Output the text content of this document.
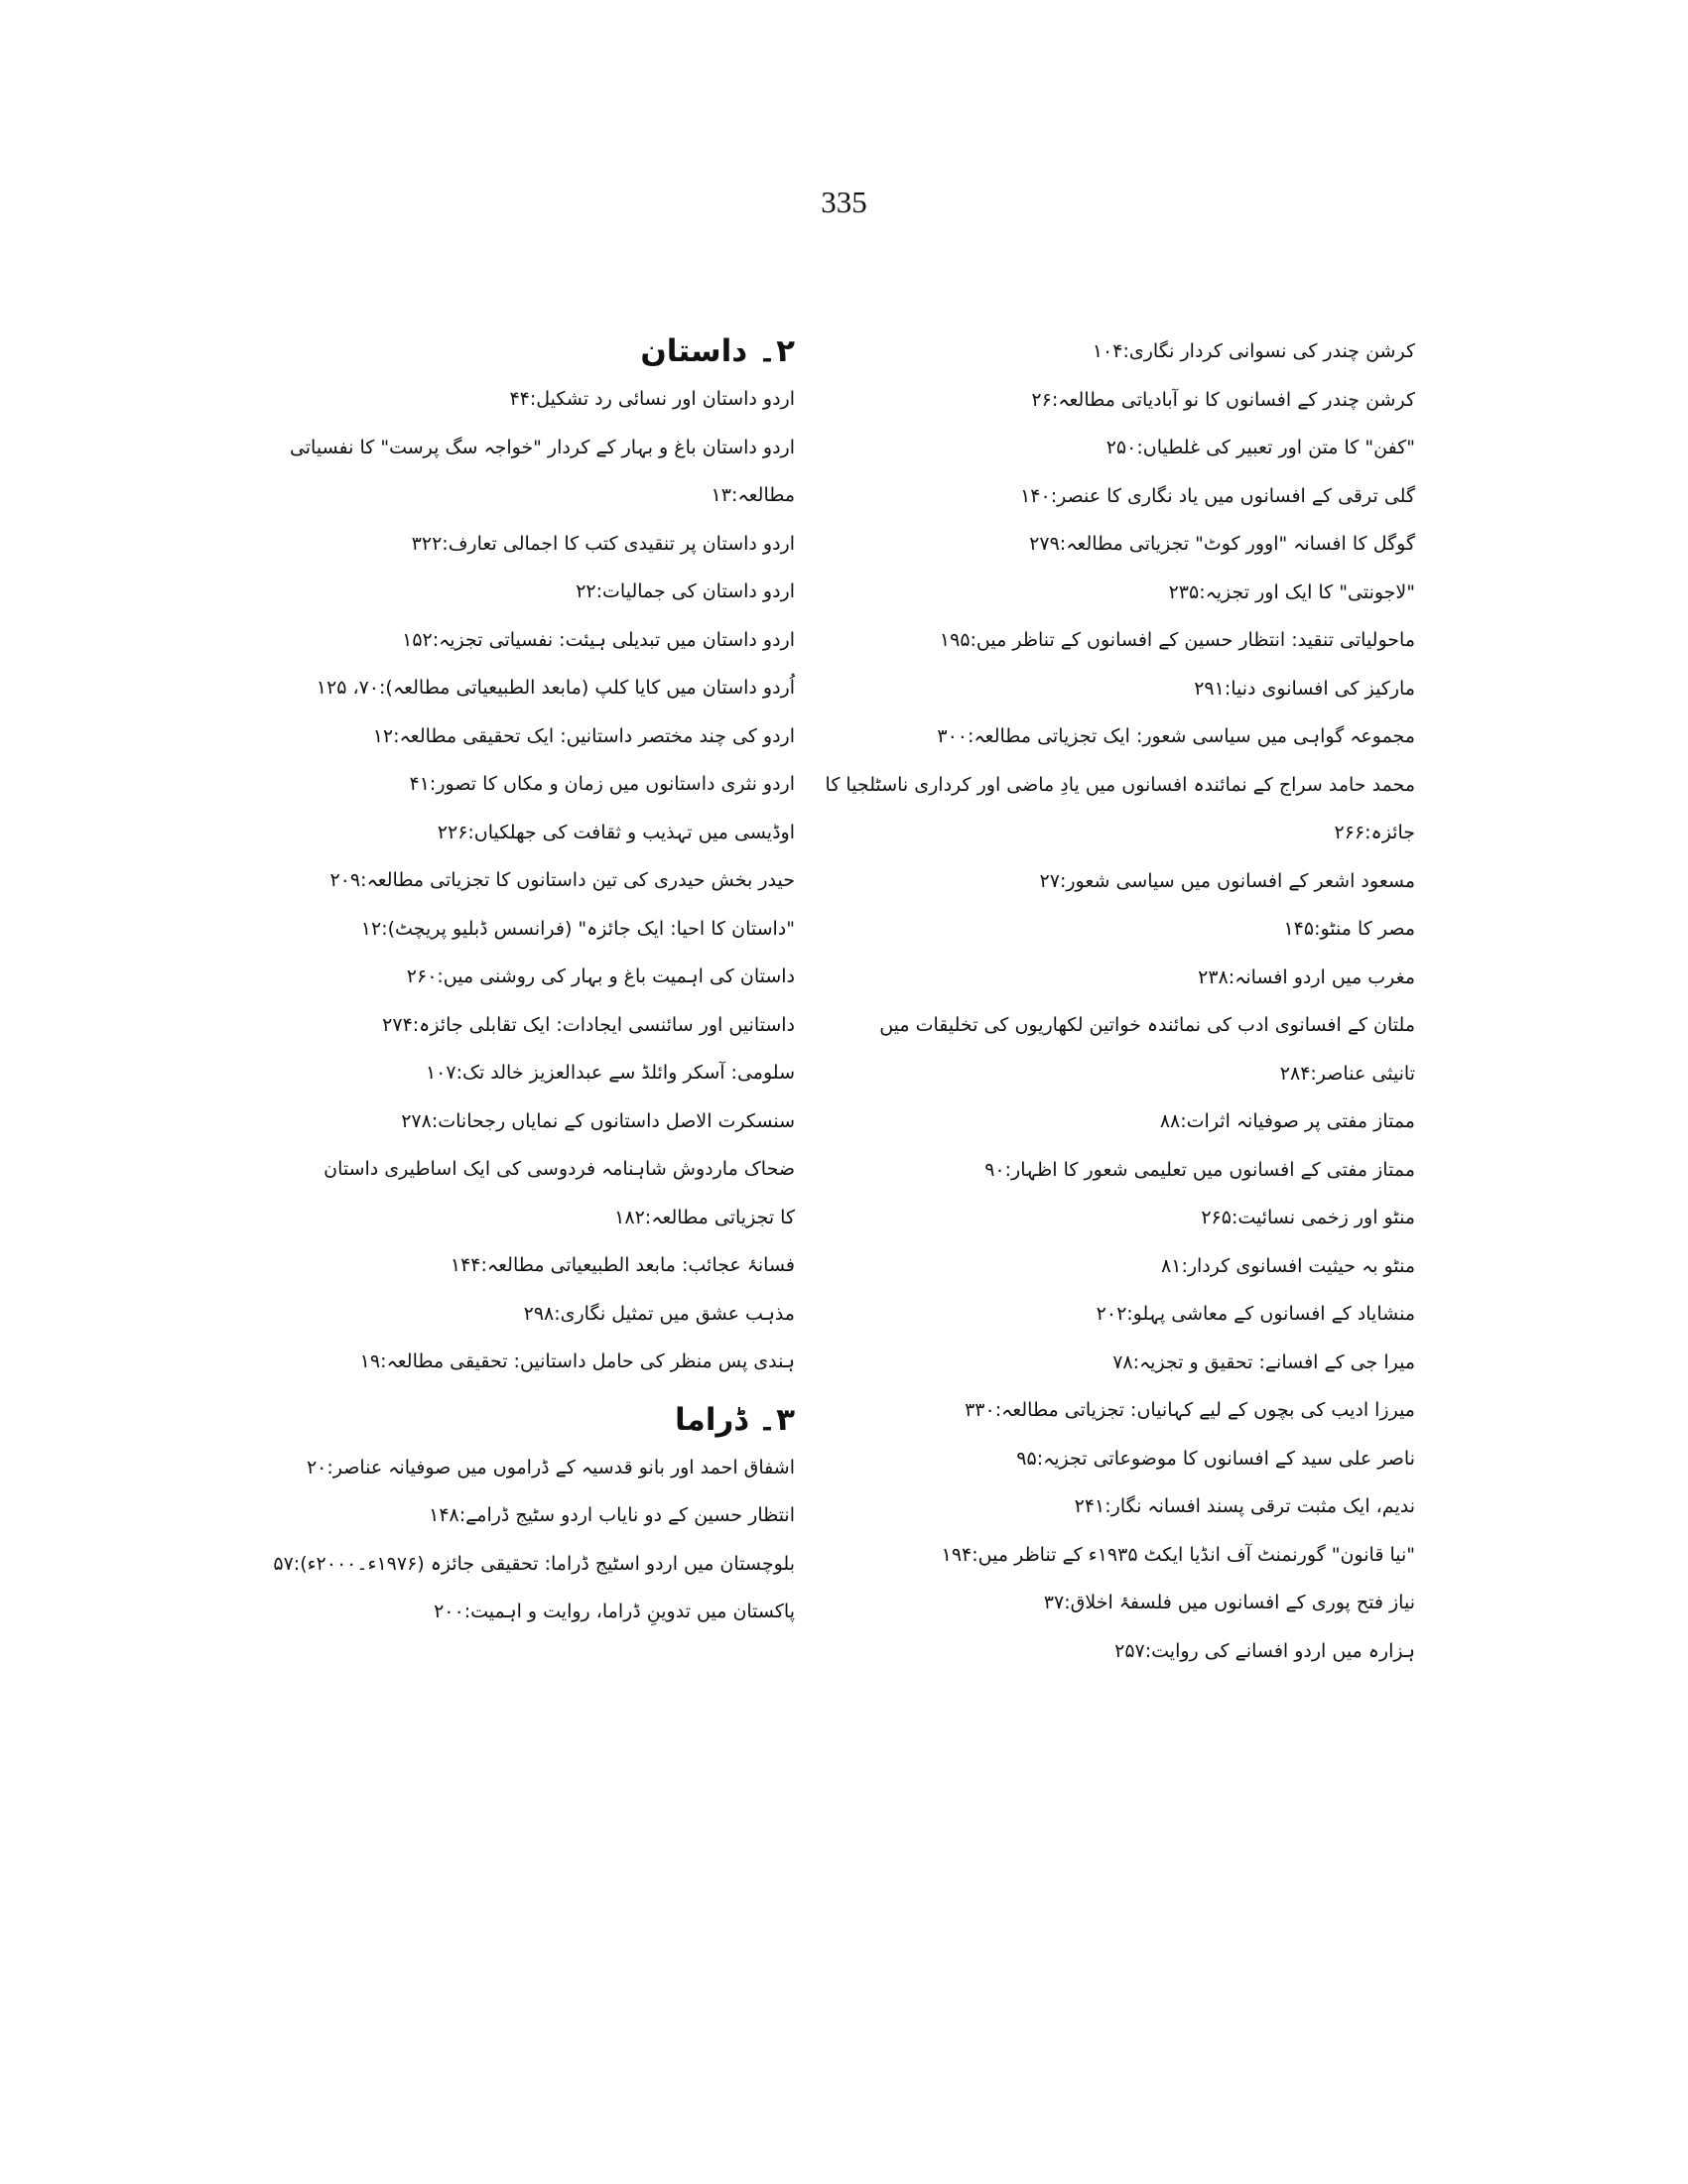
335
کرشن چندر کی نسوانی کردار نگاری:۱۰۴
کرشن چندر کے افسانوں کا نو آبادیاتی مطالعہ:۲۶
"کفن" کا متن اور تعبیر کی غلطیاں:۲۵۰
گلی ترقی کے افسانوں میں یاد نگاری کا عنصر:۱۴۰
گوگل کا افسانہ "اوور کوٹ" تجزیاتی مطالعہ:۲۷۹
"لاجونتی" کا ایک اور تجزیہ:۲۳۵
ماحولیاتی تنقید: انتظار حسین کے افسانوں کے تناظر میں:۱۹۵
مارکیز کی افسانوی دنیا:۲۹۱
مجموعہ گواہی میں سیاسی شعور: ایک تجزیاتی مطالعہ:۳۰۰
محمد حامد سراج کے نمائندہ افسانوں میں یادِ ماضی اور کرداری ناسٹلجیا کا
جائزہ:۲۶۶
مسعود اشعر کے افسانوں میں سیاسی شعور:۲۷
مصر کا منٹو:۱۴۵
مغرب میں اردو افسانہ:۲۳۸
ملتان کے افسانوی ادب کی نمائندہ خواتین لکھاریوں کی تخلیقات میں
تانیثی عناصر:۲۸۴
ممتاز مفتی پر صوفیانہ اثرات:۸۸
ممتاز مفتی کے افسانوں میں تعلیمی شعور کا اظہار:۹۰
منٹو اور زخمی نسائیت:۲۶۵
منٹو بہ حیثیت افسانوی کردار:۸۱
منشایاد کے افسانوں کے معاشی پہلو:۲۰۲
میرا جی کے افسانے: تحقیق و تجزیہ:۷۸
میرزا ادیب کی بچوں کے لیے کہانیاں: تجزیاتی مطالعہ:۳۳۰
ناصر علی سید کے افسانوں کا موضوعاتی تجزیہ:۹۵
ندیم، ایک مثبت ترقی پسند افسانہ نگار:۲۴۱
"نیا قانون" گورنمنٹ آف انڈیا ایکٹ ۱۹۳۵ء کے تناظر میں:۱۹۴
نیاز فتح پوری کے افسانوں میں فلسفۂ اخلاق:۳۷
ہزارہ میں اردو افسانے کی روایت:۲۵۷
۲۔ داستان
اردو داستان اور نسائی رد تشکیل:۴۴
اردو داستان باغ و بہار کے کردار "خواجہ سگ پرست" کا نفسیاتی
مطالعہ:۱۳
اردو داستان پر تنقیدی کتب کا اجمالی تعارف:۳۲۲
اردو داستان کی جمالیات:۲۲
اردو داستان میں تبدیلی ہیئت: نفسیاتی تجزیہ:۱۵۲
اُردو داستان میں کایا کلپ (مابعد الطبیعیاتی مطالعہ):۷۰، ۱۲۵
اردو کی چند مختصر داستانیں: ایک تحقیقی مطالعہ:۱۲
اردو نثری داستانوں میں زمان و مکاں کا تصور:۴۱
اوڈیسی میں تہذیب و ثقافت کی جھلکیاں:۲۲۶
حیدر بخش حیدری کی تین داستانوں کا تجزیاتی مطالعہ:۲۰۹
"داستان کا احیا: ایک جائزہ" (فرانسس ڈبلیو پریچٹ):۱۲
داستان کی اہمیت باغ و بہار کی روشنی میں:۲۶۰
داستانیں اور سائنسی ایجادات: ایک تقابلی جائزہ:۲۷۴
سلومی: آسکر وائلڈ سے عبدالعزیز خالد تک:۱۰۷
سنسکرت الاصل داستانوں کے نمایاں رجحانات:۲۷۸
ضحاک ماردوش شاہنامہ فردوسی کی ایک اساطیری داستان
کا تجزیاتی مطالعہ:۱۸۲
فسانۂ عجائب: مابعد الطبیعیاتی مطالعہ:۱۴۴
مذہب عشق میں تمثیل نگاری:۲۹۸
ہندی پس منظر کی حامل داستانیں: تحقیقی مطالعہ:۱۹
۳۔ ڈراما
اشفاق احمد اور بانو قدسیہ کے ڈراموں میں صوفیانہ عناصر:۲۰
انتظار حسین کے دو نایاب اردو سٹیج ڈرامے:۱۴۸
بلوچستان میں اردو اسٹیج ڈراما: تحقیقی جائزہ (۱۹۷۶ء۔۲۰۰۰ء):۵۷
پاکستان میں تدوینِ ڈراما، روایت و اہمیت:۲۰۰
